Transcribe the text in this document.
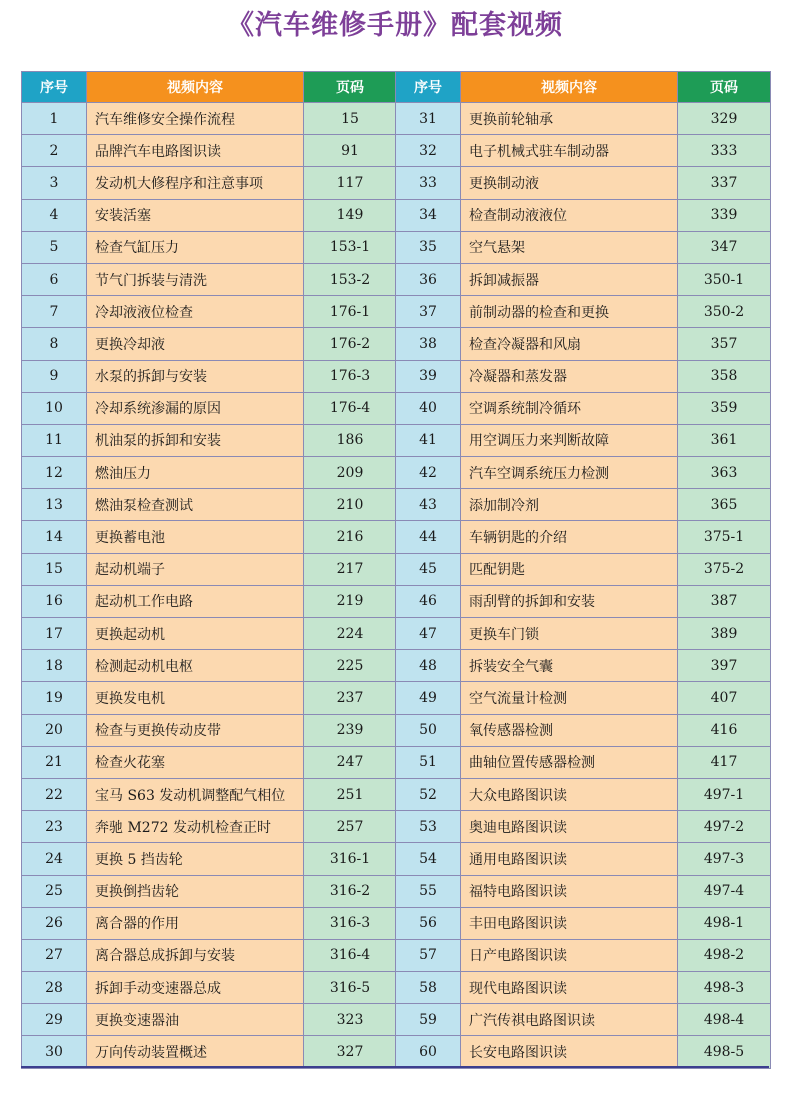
《汽车维修手册》配套视频
序号	视频内容	页码
1	汽车维修安全操作流程	15
2	品牌汽车电路图识读	91
3	发动机大修程序和注意事项	117
4	安装活塞	149
5	检查气缸压力	153-1
6	节气门拆装与清洗	153-2
7	冷却液液位检查	176-1
8	更换冷却液	176-2
9	水泵的拆卸与安装	176-3
10	冷却系统渗漏的原因	176-4
11	机油泵的拆卸和安装	186
12	燃油压力	209
13	燃油泵检查测试	210
14	更换蓄电池	216
15	起动机端子	217
16	起动机工作电路	219
17	更换起动机	224
18	检测起动机电枢	225
19	更换发电机	237
20	检查与更换传动皮带	239
21	检查火花塞	247
22	宝马 S63 发动机调整配气相位	251
23	奔驰 M272 发动机检查正时	257
24	更换 5 挡齿轮	316-1
25	更换倒挡齿轮	316-2
26	离合器的作用	316-3
27	离合器总成拆卸与安装	316-4
28	拆卸手动变速器总成	316-5
29	更换变速器油	323
30	万向传动装置概述	327
序号	视频内容	页码
31	更换前轮轴承	329
32	电子机械式驻车制动器	333
33	更换制动液	337
34	检查制动液液位	339
35	空气悬架	347
36	拆卸减振器	350-1
37	前制动器的检查和更换	350-2
38	检查冷凝器和风扇	357
39	冷凝器和蒸发器	358
40	空调系统制冷循环	359
41	用空调压力来判断故障	361
42	汽车空调系统压力检测	363
43	添加制冷剂	365
44	车辆钥匙的介绍	375-1
45	匹配钥匙	375-2
46	雨刮臂的拆卸和安装	387
47	更换车门锁	389
48	拆装安全气囊	397
49	空气流量计检测	407
50	氧传感器检测	416
51	曲轴位置传感器检测	417
52	大众电路图识读	497-1
53	奥迪电路图识读	497-2
54	通用电路图识读	497-3
55	福特电路图识读	497-4
56	丰田电路图识读	498-1
57	日产电路图识读	498-2
58	现代电路图识读	498-3
59	广汽传祺电路图识读	498-4
60	长安电路图识读	498-5
